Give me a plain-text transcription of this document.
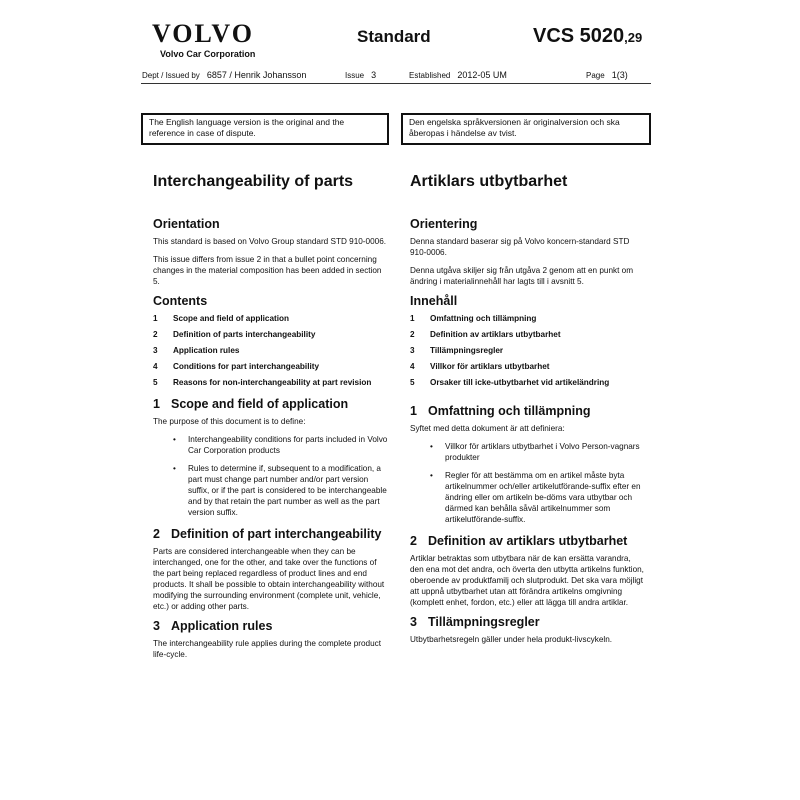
VOLVO
Volvo Car Corporation
Standard	VCS 5020,29
Dept / Issued by 6857 / Henrik Johansson	Issue 3	Established 2012-05 UM	Page 1(3)
The English language version is the original and the reference in case of dispute.
Den engelska språkversionen är originalversion och ska åberopas i händelse av tvist.
Interchangeability of parts
Orientation

This standard is based on Volvo Group standard STD 910-0006.

This issue differs from issue 2 in that a bullet point concerning changes in the material composition has been added in section 5.

Contents
1	Scope and field of application
2	Definition of parts interchangeability
3	Application rules
4	Conditions for part interchangeability
5	Reasons for non-interchangeability at part revision
1 Scope and field of application

The purpose of this document is to define:

• Interchangeability conditions for parts included in Volvo Car Corporation products
• Rules to determine if, subsequent to a modification, a part must change part number and/or part version suffix, or if the part is considered to be interchangeable and by that retain the part number as well as the part version suffix.
2 Definition of part interchangeability

Parts are considered interchangeable when they can be interchanged, one for the other, and take over the functions of the part being replaced regardless of product lines and end products. It shall be possible to obtain interchangeability without modifying the surrounding environment (complete unit, vehicle, etc.) or adding other parts.

3 Application rules

The interchangeability rule applies during the complete product life-cycle.

Artiklars utbytbarhet
Orientering

Denna standard baserar sig på Volvo koncern-standard STD 910-0006.

Denna utgåva skiljer sig från utgåva 2 genom att en punkt om ändring i materialinnehåll har lagts till i avsnitt 5.

Innehåll
1	Omfattning och tillämpning
2	Definition av artiklars utbytbarhet
3	Tillämpningsregler
4	Villkor för artiklars utbytbarhet
5	Orsaker till icke-utbytbarhet vid artikeländring
1 Omfattning och tillämpning

Syftet med detta dokument är att definiera:

• Villkor för artiklars utbytbarhet i Volvo Person-vagnars produkter
• Regler för att bestämma om en artikel måste byta artikelnummer och/eller artikelutförande-suffix efter en ändring eller om artikeln be-döms vara utbytbar och därmed kan behålla såväl artikelnummer som artikelutförande-suffix.
2 Definition av artiklars utbytbarhet

Artiklar betraktas som utbytbara när de kan ersätta varandra, den ena mot det andra, och överta den utbytta artikelns funktion, oberoende av produktfamilj och slutprodukt. Det ska vara möjligt att uppnå utbytbarhet utan att förändra artikelns omgivning (komplett enhet, fordon, etc.) eller att lägga till andra artiklar.

3 Tillämpningsregler

Utbytbarhetsregeln gäller under hela produkt-livscykeln.
